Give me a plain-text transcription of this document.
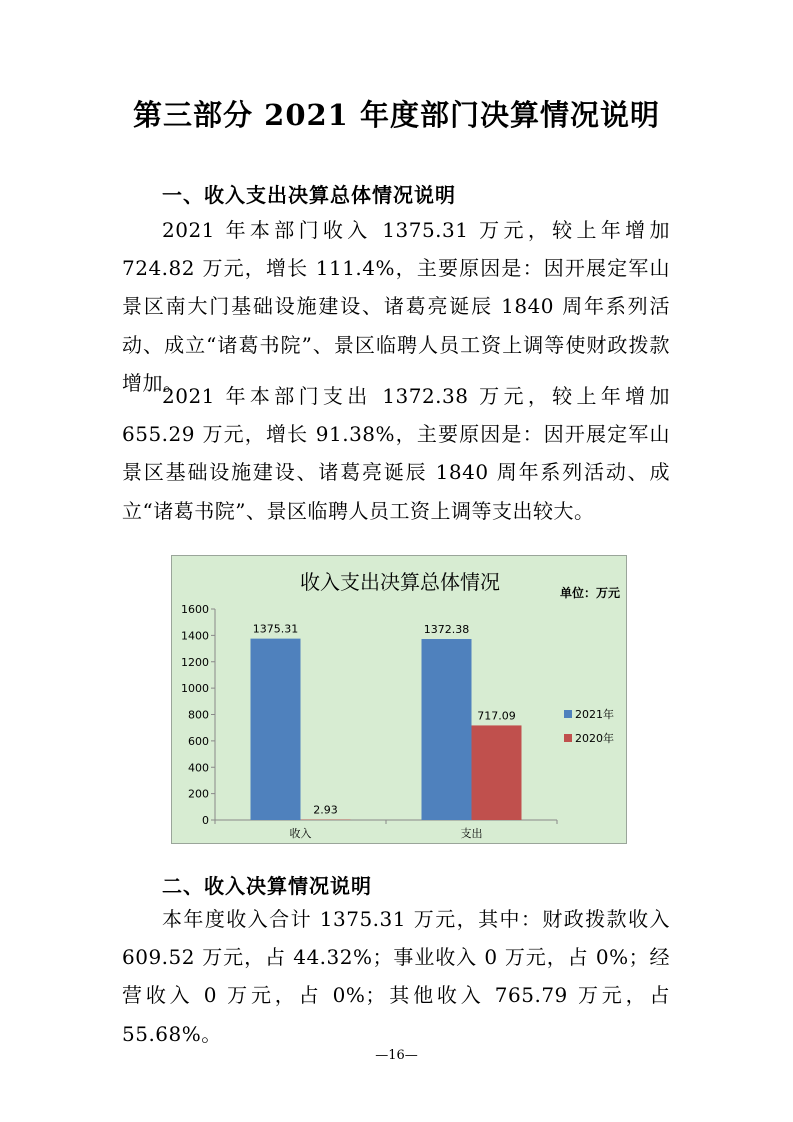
第三部分 2021 年度部门决算情况说明
一、收入支出决算总体情况说明
2021 年本部门收入 1375.31 万元，较上年增加 724.82 万元，增长 111.4%，主要原因是：因开展定军山景区南大门基础设施建设、诸葛亮诞辰 1840 周年系列活动、成立“诸葛书院”、景区临聘人员工资上调等使财政拨款增加。
2021 年本部门支出 1372.38 万元，较上年增加 655.29 万元，增长 91.38%，主要原因是：因开展定军山景区基础设施建设、诸葛亮诞辰 1840 周年系列活动、成立“诸葛书院”、景区临聘人员工资上调等支出较大。
0
200
400
600
800
1000
1200
1400
1600
收入
1375.31
2.93
支出
1372.38
717.09
收入支出决算总体情况	单位：万元
2021年
2020年
二、收入决算情况说明
本年度收入合计 1375.31 万元，其中：财政拨款收入 609.52 万元，占 44.32%；事业收入 0 万元，占 0%；经营收入 0 万元，占 0%；其他收入 765.79 万元，占 55.68%。
—16—
